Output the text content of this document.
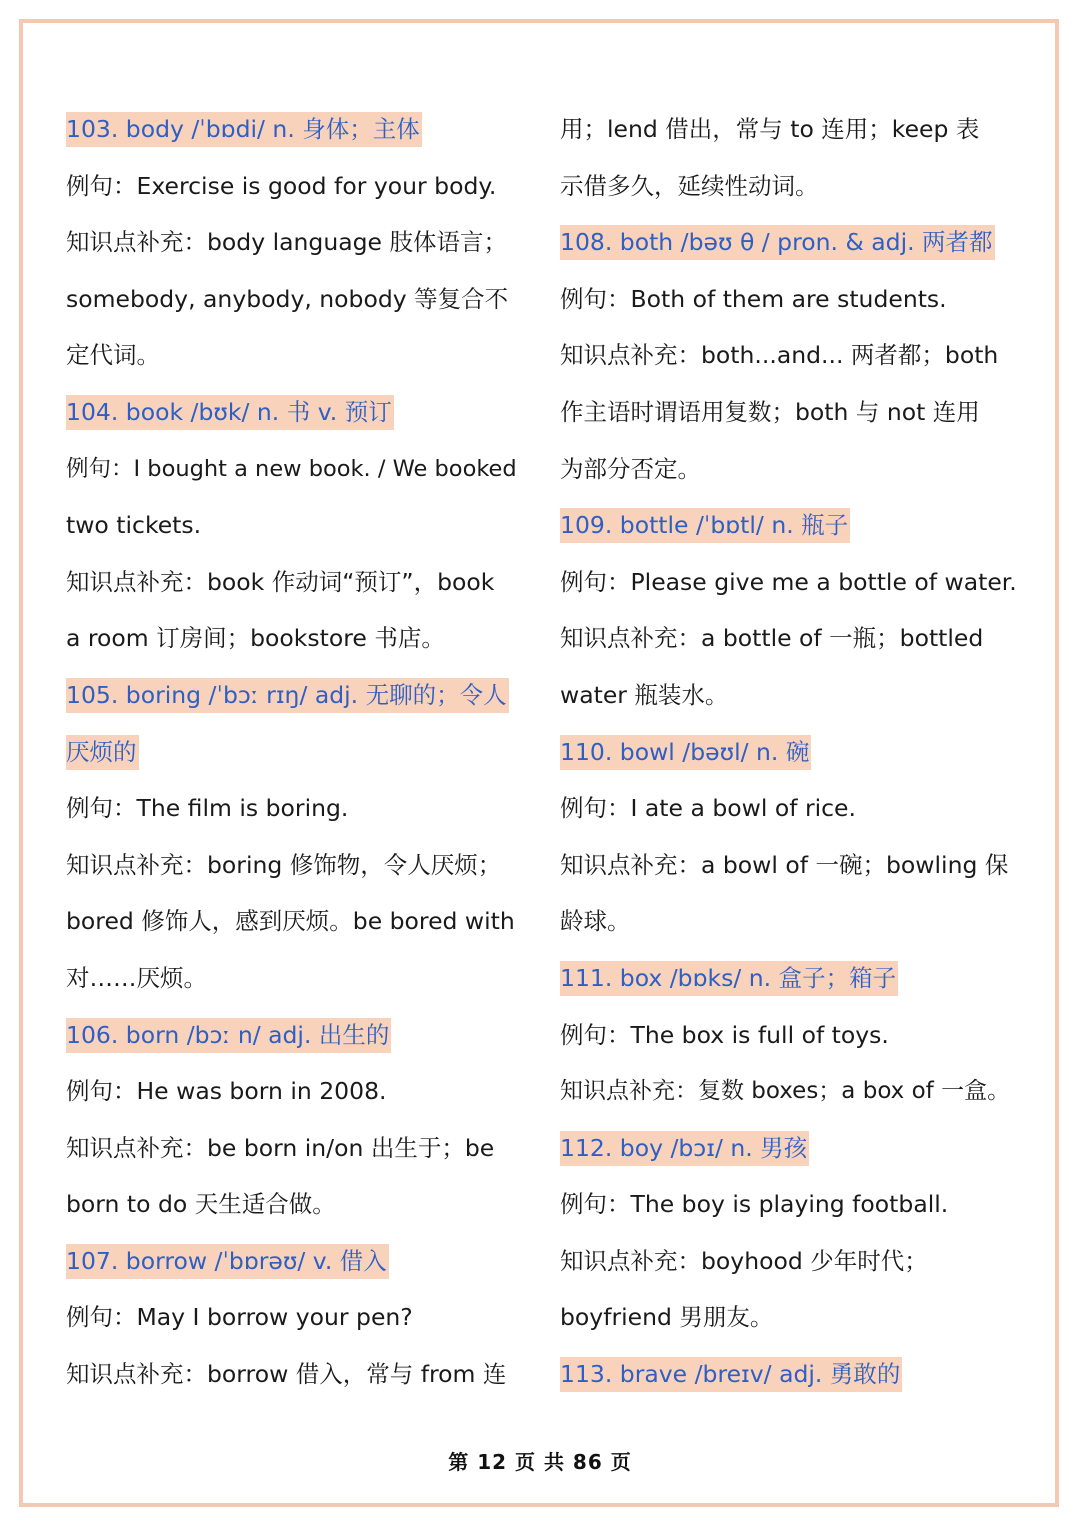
103. body /ˈbɒdi/ n. 身体；主体
例句：Exercise is good for your body.
知识点补充：body language 肢体语言；
somebody, anybody, nobody 等复合不
定代词。
104. book /bʊk/ n. 书 v. 预订
例句：I bought a new book. / We booked
two tickets.
知识点补充：book 作动词“预订”，book
a room 订房间；bookstore 书店。
105. boring /ˈbɔː rɪŋ/ adj. 无聊的；令人
厌烦的
例句：The film is boring.
知识点补充：boring 修饰物，令人厌烦；
bored 修饰人，感到厌烦。be bored with
对……厌烦。
106. born /bɔː n/ adj. 出生的
例句：He was born in 2008.
知识点补充：be born in/on 出生于；be
born to do 天生适合做。
107. borrow /ˈbɒrəʊ/ v. 借入
例句：May I borrow your pen?
知识点补充：borrow 借入，常与 from 连
用；lend 借出，常与 to 连用；keep 表
示借多久，延续性动词。
108. both /bəʊ θ / pron. & adj. 两者都
例句：Both of them are students.
知识点补充：both...and... 两者都；both
作主语时谓语用复数；both 与 not 连用
为部分否定。
109. bottle /ˈbɒtl/ n. 瓶子
例句：Please give me a bottle of water.
知识点补充：a bottle of 一瓶；bottled
water 瓶装水。
110. bowl /bəʊl/ n. 碗
例句：I ate a bowl of rice.
知识点补充：a bowl of 一碗；bowling 保
龄球。
111. box /bɒks/ n. 盒子；箱子
例句：The box is full of toys.
知识点补充：复数 boxes；a box of 一盒。
112. boy /bɔɪ/ n. 男孩
例句：The boy is playing football.
知识点补充：boyhood 少年时代；
boyfriend 男朋友。
113. brave /breɪv/ adj. 勇敢的
第 12 页 共 86 页
